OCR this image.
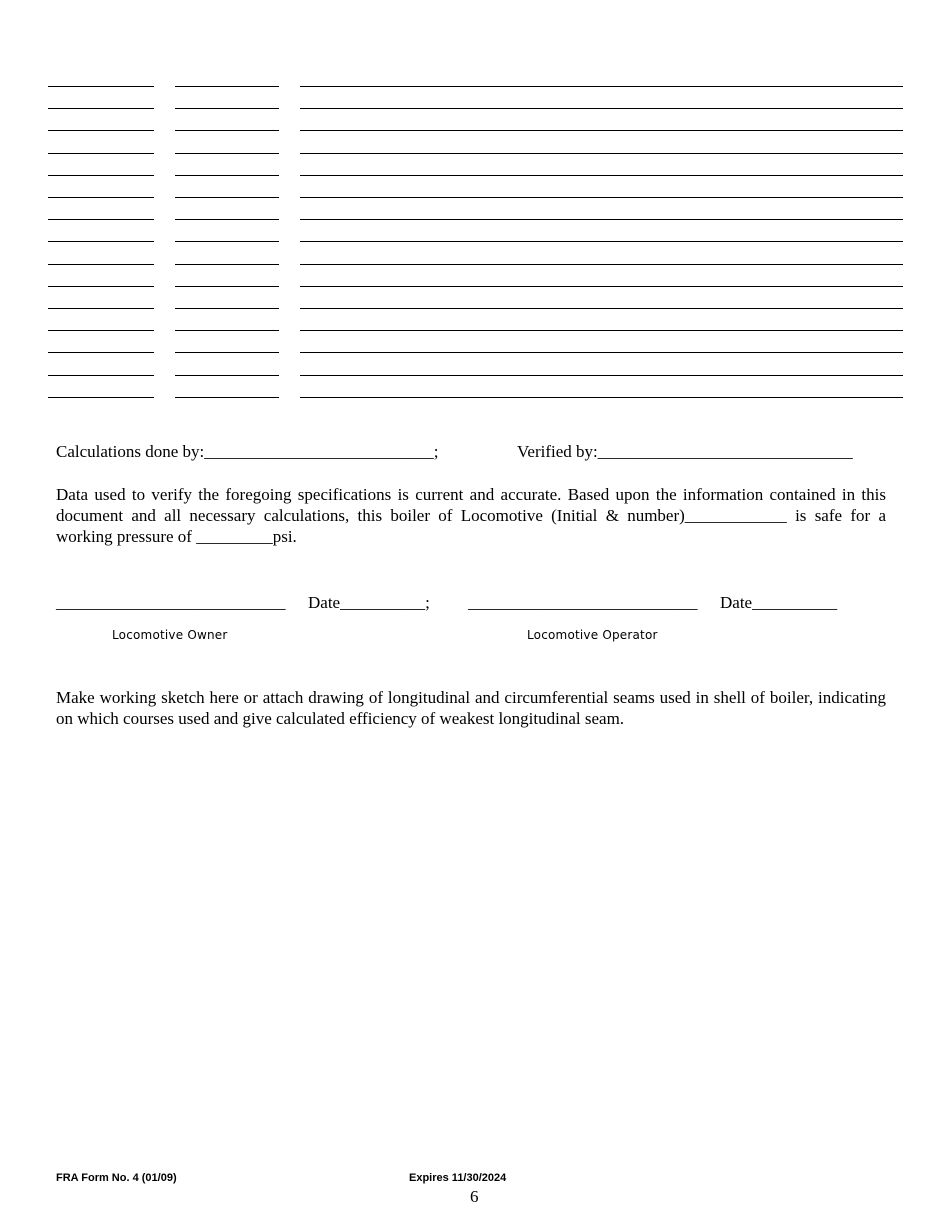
Calculations done by:___________________________;	Verified by:______________________________
Data used to verify the foregoing specifications is current and accurate. Based upon the information contained in this document and all necessary calculations, this boiler of Locomotive (Initial & number)____________ is safe for a working pressure of _________psi.
___________________________ Date__________; ___________________________ Date__________
Locomotive Owner	Locomotive Operator
Make working sketch here or attach drawing of longitudinal and circumferential seams used in shell of boiler, indicating on which courses used and give calculated efficiency of weakest longitudinal seam.
FRA Form No. 4 (01/09)	Expires 11/30/2024
6
